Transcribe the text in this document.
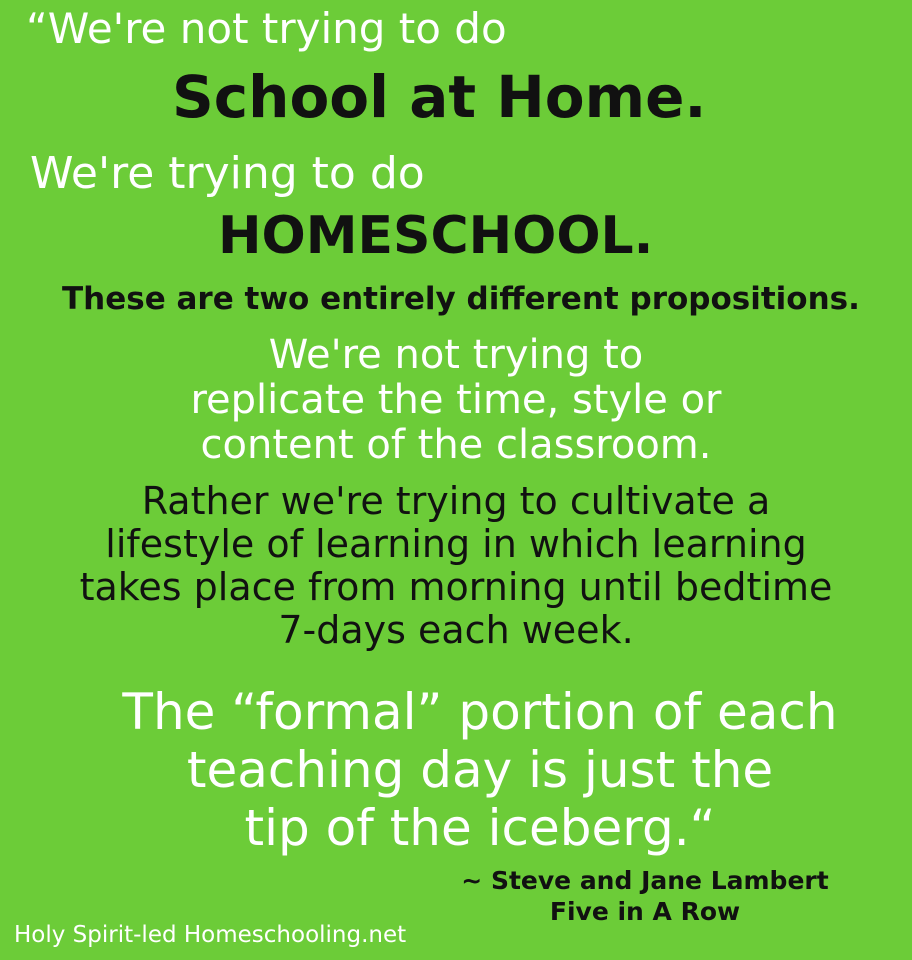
“We're not trying to do
School at Home.
We're trying to do
HOMESCHOOL.
These are two entirely different propositions.
We're not trying to
replicate the time, style or
content of the classroom.
Rather we're trying to cultivate a
lifestyle of learning in which learning
takes place from morning until bedtime
7-days each week.
The “formal” portion of each
teaching day is just the
tip of the iceberg.“
~ Steve and Jane Lambert
Five in A Row
Holy Spirit-led Homeschooling.net
